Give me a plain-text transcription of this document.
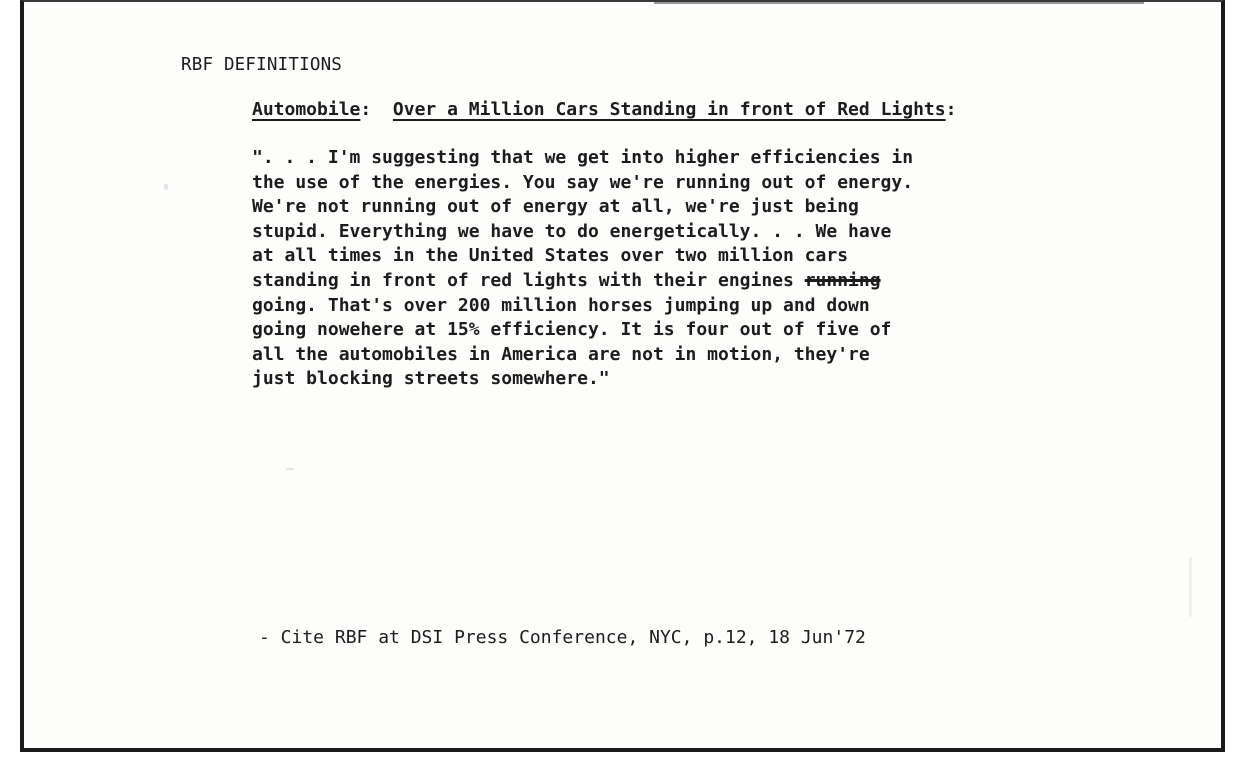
RBF DEFINITIONS
Automobile: Over a Million Cars Standing in front of Red Lights:
". . . I'm suggesting that we get into higher efficiencies in
the use of the energies. You say we're running out of energy.
We're not running out of energy at all, we're just being
stupid. Everything we have to do energetically. . . We have
at all times in the United States over two million cars
standing in front of red lights with their engines running
going. That's over 200 million horses jumping up and down
going nowehere at 15% efficiency. It is four out of five of
all the automobiles in America are not in motion, they're
just blocking streets somewhere."
- Cite RBF at DSI Press Conference, NYC, p.12, 18 Jun'72
